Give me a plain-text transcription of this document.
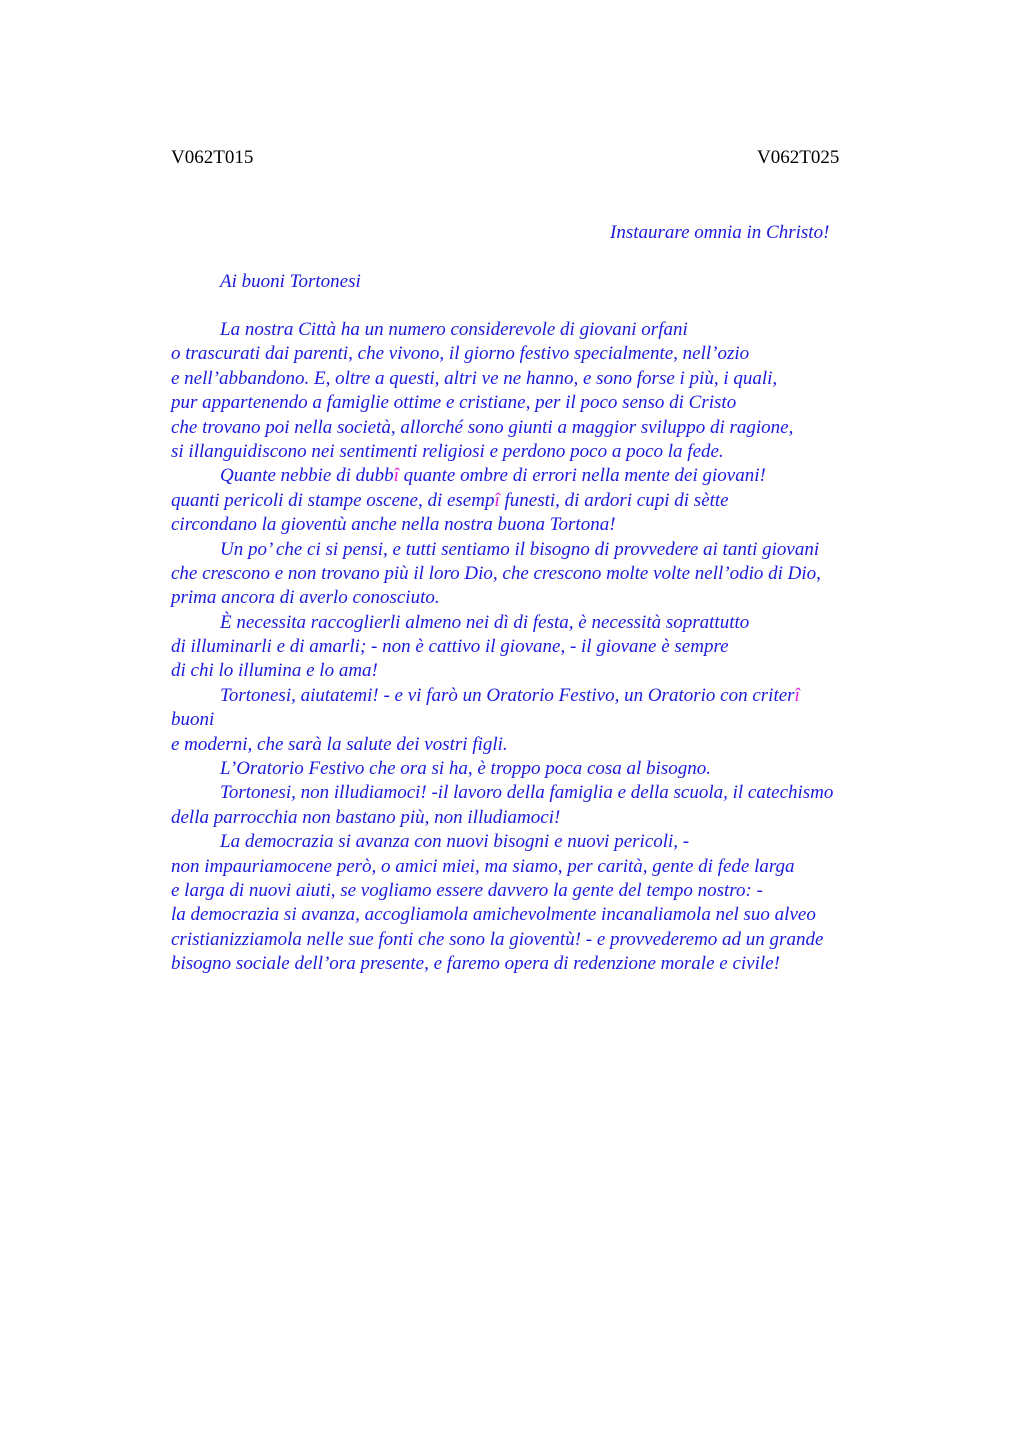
V062T015	V062T025
Instaurare omnia in Christo!
Ai buoni Tortonesi
La nostra Città ha un numero considerevole di giovani orfani
o trascurati dai parenti, che vivono, il giorno festivo specialmente, nell’ozio
e nell’abbandono. E, oltre a questi, altri ve ne hanno, e sono forse i più, i quali,
pur appartenendo a famiglie ottime e cristiane, per il poco senso di Cristo
che trovano poi nella società, allorché sono giunti a maggior sviluppo di ragione,
si illanguidiscono nei sentimenti religiosi e perdono poco a poco la fede.
Quante nebbie di dubbî quante ombre di errori nella mente dei giovani!
quanti pericoli di stampe oscene, di esempî funesti, di ardori cupi di sètte
circondano la gioventù anche nella nostra buona Tortona!
Un po’ che ci si pensi, e tutti sentiamo il bisogno di provvedere ai tanti giovani
che crescono e non trovano più il loro Dio, che crescono molte volte nell’odio di Dio,
prima ancora di averlo conosciuto.
È necessita raccoglierli almeno nei dì di festa, è necessità soprattutto
di illuminarli e di amarli; - non è cattivo il giovane, - il giovane è sempre
di chi lo illumina e lo ama!
Tortonesi, aiutatemi! - e vi farò un Oratorio Festivo, un Oratorio con criterî
buoni
e moderni, che sarà la salute dei vostri figli.
L’Oratorio Festivo che ora si ha, è troppo poca cosa al bisogno.
Tortonesi, non illudiamoci! -il lavoro della famiglia e della scuola, il catechismo
della parrocchia non bastano più, non illudiamoci!
La democrazia si avanza con nuovi bisogni e nuovi pericoli, -
non impauriamocene però, o amici miei, ma siamo, per carità, gente di fede larga
e larga di nuovi aiuti, se vogliamo essere davvero la gente del tempo nostro: -
la democrazia si avanza, accogliamola amichevolmente incanaliamola nel suo alveo
cristianizziamola nelle sue fonti che sono la gioventù! - e provvederemo ad un grande
bisogno sociale dell’ora presente, e faremo opera di redenzione morale e civile!
